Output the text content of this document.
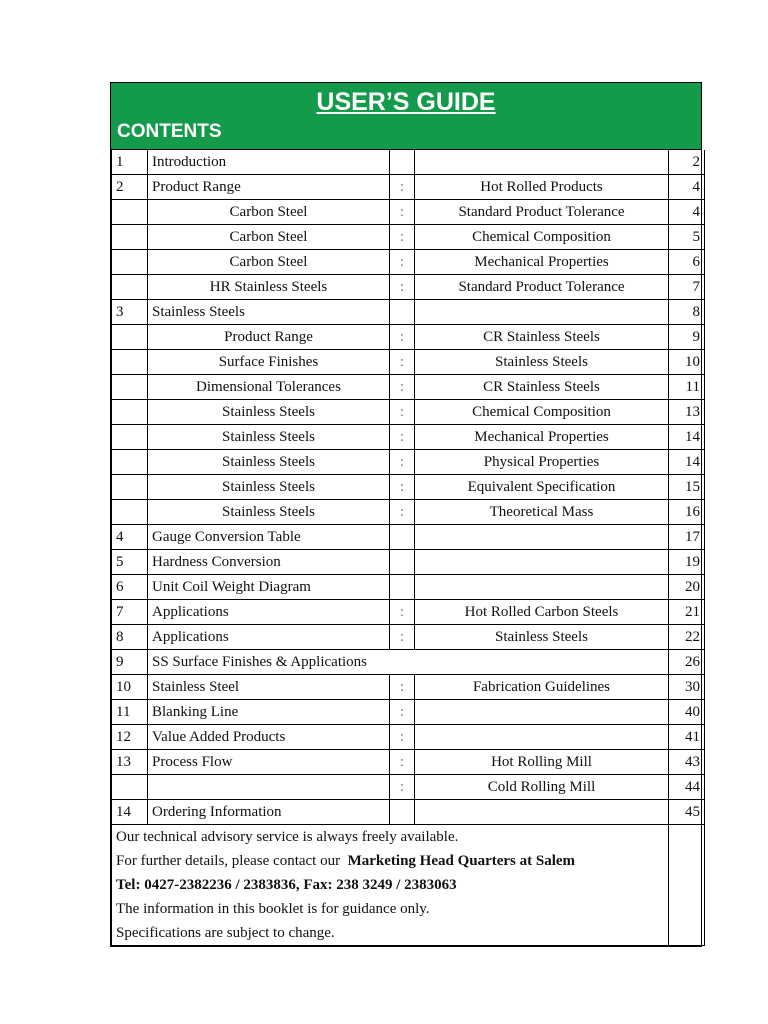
USER’S GUIDE
CONTENTS
1	Introduction			2
2	Product Range	:	Hot Rolled Products	4
	Carbon Steel	:	Standard Product Tolerance	4
	Carbon Steel	:	Chemical Composition	5
	Carbon Steel	:	Mechanical Properties	6
	HR Stainless Steels	:	Standard Product Tolerance	7
3	Stainless Steels			8
	Product Range	:	CR Stainless Steels	9
	Surface Finishes	:	Stainless Steels	10
	Dimensional Tolerances	:	CR Stainless Steels	11
	Stainless Steels	:	Chemical Composition	13
	Stainless Steels	:	Mechanical Properties	14
	Stainless Steels	:	Physical Properties	14
	Stainless Steels	:	Equivalent Specification	15
	Stainless Steels	:	Theoretical Mass	16
4	Gauge Conversion Table			17
5	Hardness Conversion			19
6	Unit Coil Weight Diagram			20
7	Applications	:	Hot Rolled Carbon Steels	21
8	Applications	:	Stainless Steels	22
9	SS Surface Finishes & Applications			26
10	Stainless Steel	:	Fabrication Guidelines	30
11	Blanking Line	:		40
12	Value Added Products	:		41
13	Process Flow	:	Hot Rolling Mill	43
		:	Cold Rolling Mill	44
14	Ordering Information			45

Our technical advisory service is always freely available.
For further details, please contact our Marketing Head Quarters at Salem
Tel: 0427-2382236 / 2383836, Fax: 238 3249 / 2383063
The information in this booklet is for guidance only.
Specifications are subject to change.				
